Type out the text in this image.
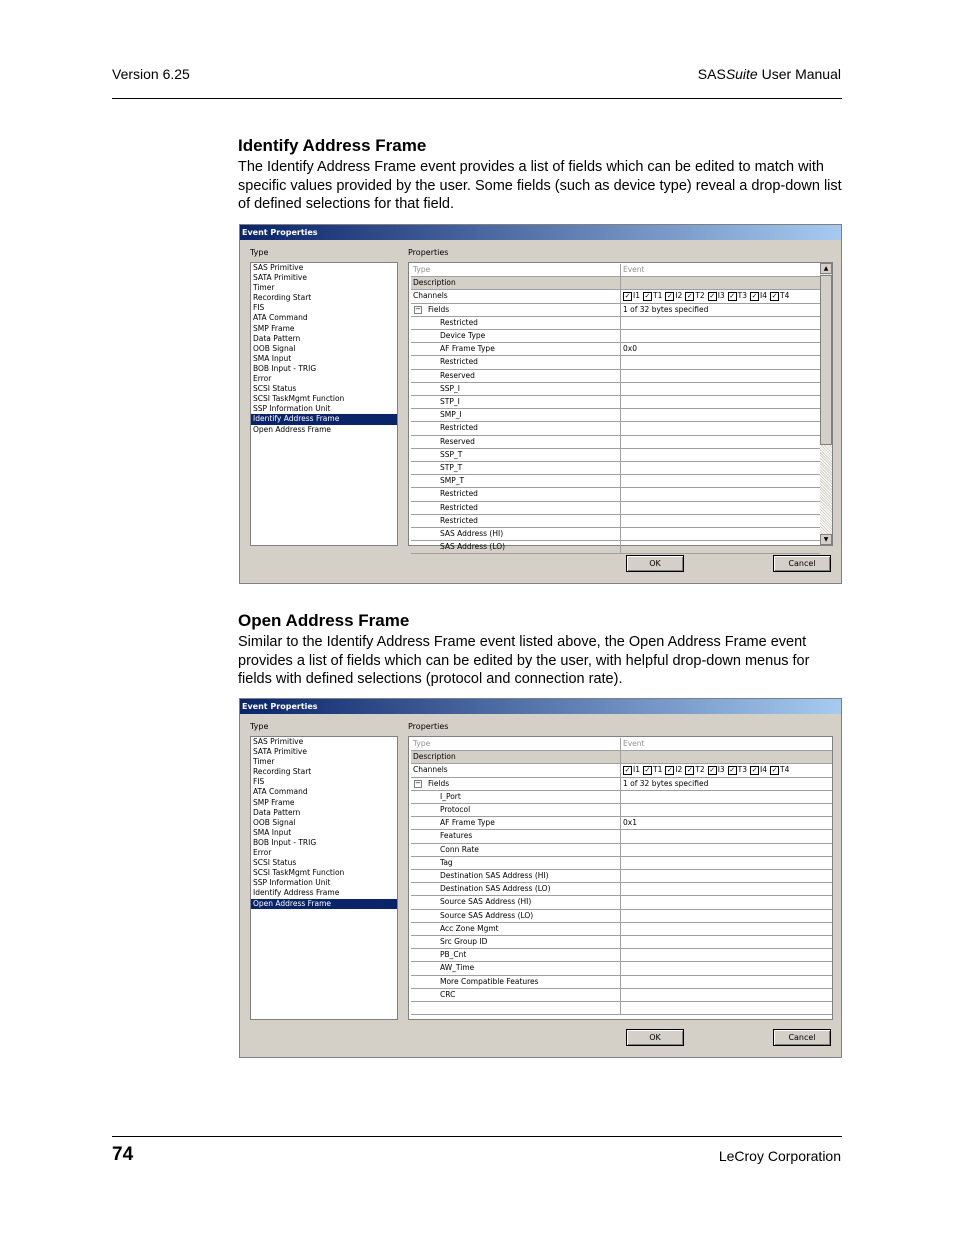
Version 6.25	SASSuite User Manual
Identify Address Frame
The Identify Address Frame event provides a list of fields which can be edited to match with specific values provided by the user. Some fields (such as device type) reveal a drop-down list of defined selections for that field.
Event Properties
Type	Properties
SAS Primitive
SATA Primitive
Timer
Recording Start
FIS
ATA Command
SMP Frame
Data Pattern
OOB Signal
SMA Input
BOB Input - TRIG
Error
SCSI Status
SCSI TaskMgmt Function
SSP Information Unit
Identify Address Frame
Open Address Frame
Type	Event
Description
Channels	✓ I1 ✓ T1 ✓ I2 ✓ T2 ✓ I3 ✓ T3 ✓ I4 ✓ T4
− Fields	1 of 32 bytes specified
Restricted
Device Type
AF Frame Type	0x0
Restricted
Reserved
SSP_I
STP_I
SMP_I
Restricted
Reserved
SSP_T
STP_T
SMP_T
Restricted
Restricted
Restricted
SAS Address (HI)
SAS Address (LO)
▲
▼
OK	Cancel
Open Address Frame
Similar to the Identify Address Frame event listed above, the Open Address Frame event provides a list of fields which can be edited by the user, with helpful drop-down menus for fields with defined selections (protocol and connection rate).
Event Properties
Type	Properties
SAS Primitive
SATA Primitive
Timer
Recording Start
FIS
ATA Command
SMP Frame
Data Pattern
OOB Signal
SMA Input
BOB Input - TRIG
Error
SCSI Status
SCSI TaskMgmt Function
SSP Information Unit
Identify Address Frame
Open Address Frame
Type	Event
Description
Channels	✓ I1 ✓ T1 ✓ I2 ✓ T2 ✓ I3 ✓ T3 ✓ I4 ✓ T4
− Fields	1 of 32 bytes specified
I_Port
Protocol
AF Frame Type	0x1
Features
Conn Rate
Tag
Destination SAS Address (HI)
Destination SAS Address (LO)
Source SAS Address (HI)
Source SAS Address (LO)
Acc Zone Mgmt
Src Group ID
PB_Cnt
AW_Time
More Compatible Features
CRC
OK	Cancel
74	LeCroy Corporation
